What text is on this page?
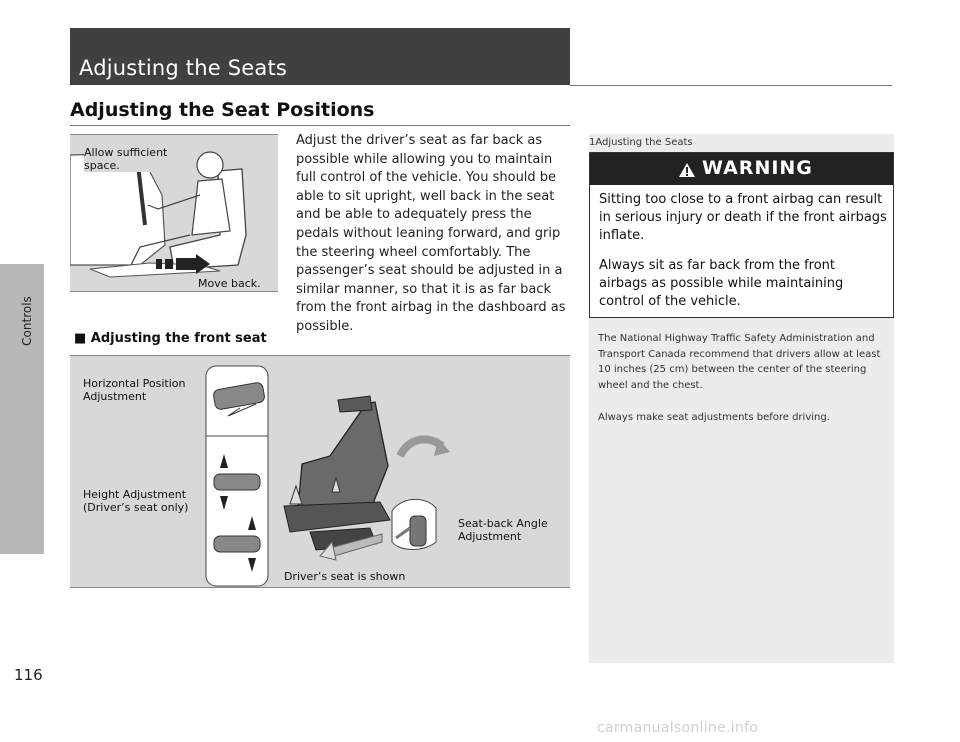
Controls
116
Adjusting the Seats
Adjusting the Seat Positions
Allow sufficient
space.
Move back.
Adjust the driver’s seat as far back as possible while allowing you to maintain full control of the vehicle. You should be able to sit upright, well back in the seat and be able to adequately press the pedals without leaning forward, and grip the steering wheel comfortably. The passenger’s seat should be adjusted in a similar manner, so that it is as far back from the front airbag in the dashboard as possible.
■ Adjusting the front seat
Horizontal Position
Adjustment
Height Adjustment
(Driver’s seat only)
Seat-back Angle
Adjustment
Driver’s seat is shown
1Adjusting the Seats
WARNING
Sitting too close to a front airbag can result in serious injury or death if the front airbags inflate.
Always sit as far back from the front airbags as possible while maintaining control of the vehicle.
The National Highway Traffic Safety Administration and Transport Canada recommend that drivers allow at least 10 inches (25 cm) between the center of the steering wheel and the chest.
Always make seat adjustments before driving.
carmanualsonline.info
